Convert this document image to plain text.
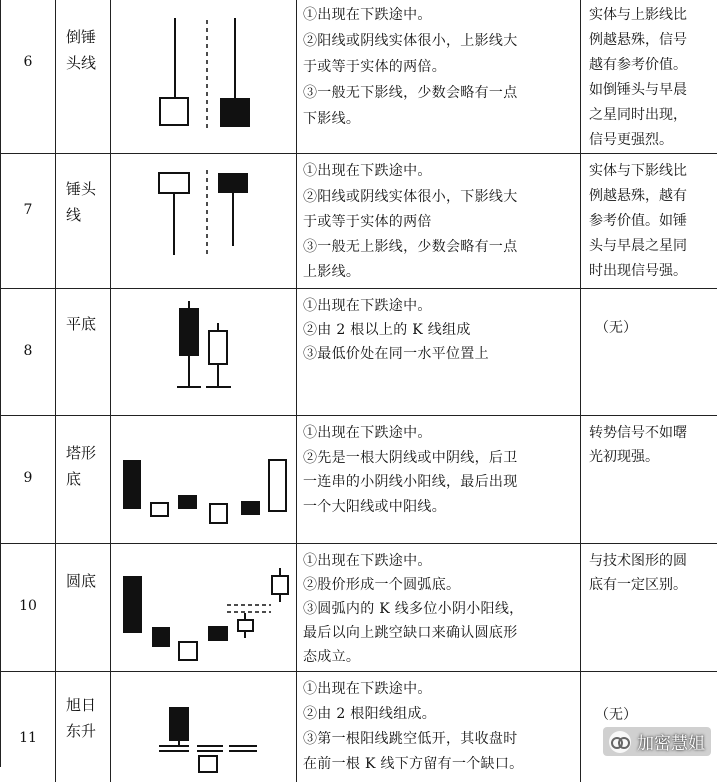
6
倒锤头线
①出现在下跌途中。
②阳线或阴线实体很小，上影线大
于或等于实体的两倍。
③一般无下影线，少数会略有一点
下影线。
实体与上影线比
例越悬殊，信号
越有参考价值。
如倒锤头与早晨
之星同时出现，
信号更强烈。
7
锤头线
①出现在下跌途中。
②阳线或阴线实体很小，下影线大
于或等于实体的两倍
③一般无上影线，少数会略有一点
上影线。
实体与下影线比
例越悬殊，越有
参考价值。如锤
头与早晨之星同
时出现信号强。
8
平底
①出现在下跌途中。
②由 2 根以上的 K 线组成
③最低价处在同一水平位置上
（无）
9
塔形底
①出现在下跌途中。
②先是一根大阴线或中阴线，后卫
一连串的小阴线小阳线，最后出现
一个大阳线或中阳线。
转势信号不如曙
光初现强。
10
圆底
①出现在下跌途中。
②股价形成一个圆弧底。
③圆弧内的 K 线多位小阴小阳线，
最后以向上跳空缺口来确认圆底形
态成立。
与技术图形的圆
底有一定区别。
11
旭日东升
①出现在下跌途中。
②由 2 根阳线组成。
③第一根阳线跳空低开，其收盘时
在前一根 K 线下方留有一个缺口。
（无）
加密慧姐
